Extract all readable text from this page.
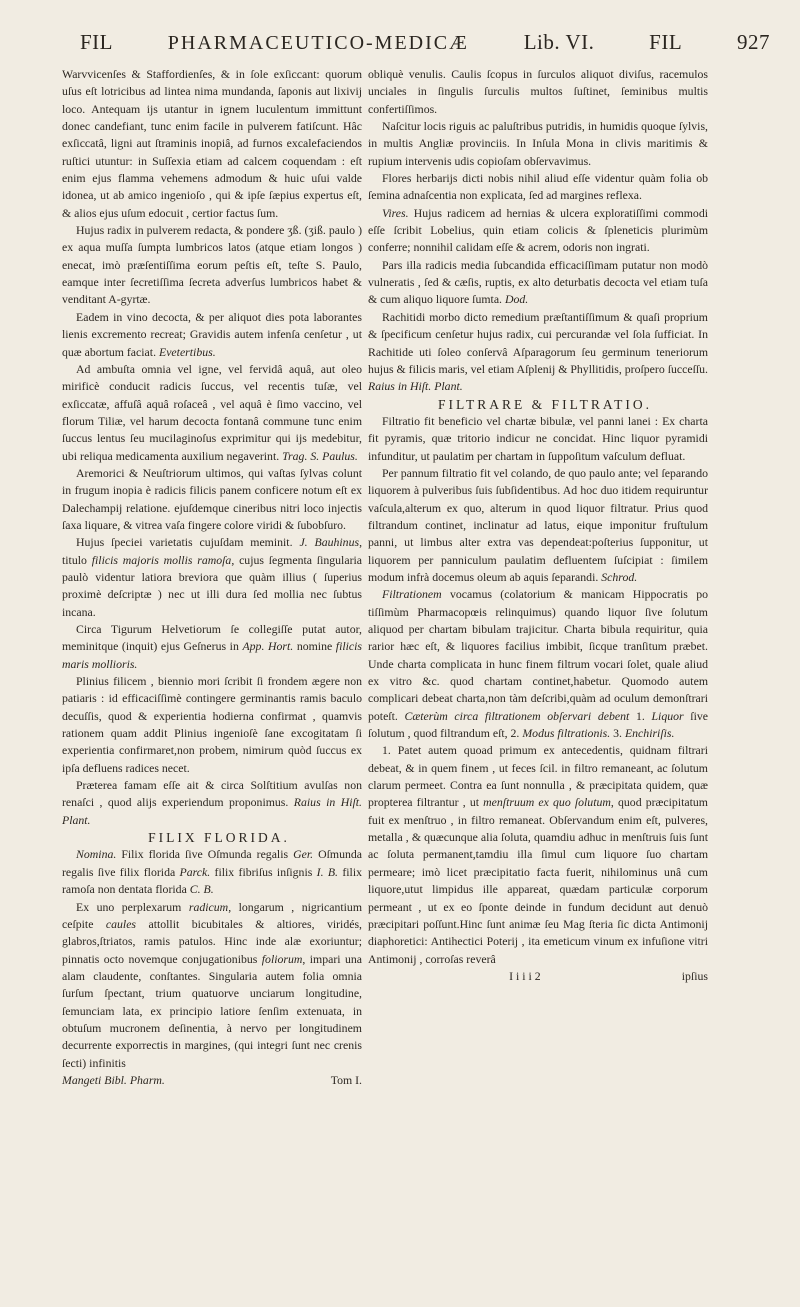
FIL	PHARMACEUTICO-MEDICÆ	Lib. VI.	FIL	927

Warvvicenſes & Staffordienſes, & in ſole exſiccant: quorum uſus eſt lotricibus ad lintea nima mundanda, ſaponis aut lixivij loco. Antequam ijs utantur in ignem luculentum immittunt donec candefiant, tunc enim facile in pulverem fatiſcunt. Hâc exſiccatâ, ligni aut ſtraminis inopiâ, ad furnos excalefaciendos ruſtici utuntur: in Suſſexia etiam ad calcem coquendam : eſt enim ejus flamma vehemens admodum & huic uſui valde idonea, ut ab amico ingenioſo , qui & ipſe ſæpius expertus eſt, & alios ejus uſum edocuit , certior factus ſum.

Hujus radix in pulverem redacta, & pondere ʒß. (ʒiß. paulo ) ex aqua muſſa ſumpta lumbricos latos (atque etiam longos ) enecat, imò præſentiſſima eorum peſtis eſt, teſte S. Paulo, eamque inter ſecretiſſima ſecreta adverſus lumbricos habet & venditant A-gyrtæ.

Eadem in vino decocta, & per aliquot dies pota laborantes lienis excremento recreat; Gravidis autem infenſa cenſetur , ut quæ abortum faciat. Evetertibus.

Ad ambuſta omnia vel igne, vel fervidâ aquâ, aut oleo mirificè conducit radicis ſuccus, vel recentis tuſæ, vel exſiccatæ, affuſâ aquâ roſaceâ , vel aquâ è ſimo vaccino, vel florum Tiliæ, vel harum decocta fontanâ commune tunc enim ſuccus lentus ſeu mucilaginoſus exprimitur qui ijs medebitur, ubi reliqua medicamenta auxilium negaverint. Trag. S. Paulus.

Aremorici & Neuſtriorum ultimos, qui vaſtas ſylvas colunt in frugum inopia è radicis filicis panem conficere notum eſt ex Dalechampij relatione. ejuſdemque cineribus nitri loco injectis ſaxa liquare, & vitrea vaſa fingere colore viridi & ſubobſuro.

Hujus ſpeciei varietatis cujuſdam meminit. J. Bauhinus, titulo filicis majoris mollis ramoſa, cujus ſegmenta ſingularia paulò videntur latiora breviora que quàm illius ( ſuperius proximè deſcriptæ ) nec ut illi dura ſed mollia nec ſubtus incana.

Circa Tigurum Helvetiorum ſe collegiſſe putat autor, meminitque (inquit) ejus Geſnerus in App. Hort. nomine filicis maris mollioris.

Plinius filicem , biennio mori ſcribit ſi frondem ægere non patiaris : id efficaciſſimè contingere germinantis ramis baculo decuſſis, quod & experientia hodierna confirmat , quamvis rationem quam addit Plinius ingenioſè ſane excogitatam ſi experientia confirmaret,non probem, nimirum quòd ſuccus ex ipſa defluens radices necet.

Præterea famam eſſe ait & circa Solſtitium avulſas non renaſci , quod alijs experiendum proponimus. Raius in Hiſt. Plant.

FILIX FLORIDA.

Nomina. Filix florida ſive Oſmunda regalis Ger. Oſmunda regalis ſive filix florida Parck. filix fibriſus inſignis I. B. filix ramoſa non dentata florida C. B.

Ex uno perplexarum radicum, longarum , nigricantium ceſpite caules attollit bicubitales & altiores, viridés, glabros,ſtriatos, ramis patulos. Hinc inde alæ exoriuntur; pinnatis octo novemque conjugationibus foliorum, impari una alam claudente, conſtantes. Singularia autem folia omnia ſurſum ſpectant, trium quatuorve unciarum longitudine, ſemunciam lata, ex principio latiore ſenſim extenuata, in obtuſum mucronem deſinentia, à nervo per longitudinem decurrente exporrectis in margines, (qui integri ſunt nec crenis ſecti) infinitis

Mangeti Bibl. Pharm.	Tom I.

obliquè venulis. Caulis ſcopus in ſurculos aliquot diviſus, racemulos unciales in ſingulis ſurculis multos ſuſtinet, ſeminibus multis confertiſſimos.

Naſcitur locis riguis ac paluſtribus putridis, in humidis quoque ſylvis, in multis Angliæ provinciis. In Inſula Mona in clivis maritimis & rupium intervenis udis copioſam obſervavimus.

Flores herbarijs dicti nobis nihil aliud eſſe videntur quàm folia ob ſemina adnaſcentia non explicata, ſed ad margines reflexa.

Vires. Hujus radicem ad hernias & ulcera exploratiſſimi commodi eſſe ſcribit Lobelius, quin etiam colicis & ſpleneticis plurimùm conferre; nonnihil calidam eſſe & acrem, odoris non ingrati.

Pars illa radicis media ſubcandida efficaciſſimam putatur non modò vulneratis , ſed & cæſis, ruptis, ex alto deturbatis decocta vel etiam tuſa & cum aliquo liquore ſumta. Dod.

Rachitidi morbo dicto remedium præſtantiſſimum & quaſi proprium & ſpecificum cenſetur hujus radix, cui percurandæ vel ſola ſufficiat. In Rachitide uti ſoleo conſervâ Aſparagorum ſeu germinum teneriorum hujus & filicis maris, vel etiam Aſplenij & Phyllitidis, proſpero ſucceſſu. Raius in Hiſt. Plant.

FILTRARE & FILTRATIO.

Filtratio fit beneficio vel chartæ bibulæ, vel panni lanei : Ex charta fit pyramis, quæ tritorio indicur ne concidat. Hinc liquor pyramidi infunditur, ut paulatim per chartam in ſuppoſitum vaſculum defluat.

Per pannum filtratio fit vel colando, de quo paulo ante; vel ſeparando liquorem à pulveribus ſuis ſubſidentibus. Ad hoc duo itidem requiruntur vaſcula,alterum ex quo, alterum in quod liquor filtratur. Prius quod filtrandum continet, inclinatur ad latus, eique imponitur fruſtulum panni, ut limbus alter extra vas dependeat:poſterius ſupponitur, ut liquorem per panniculum paulatim defluentem ſuſcipiat : ſimilem modum infrà docemus oleum ab aquis ſeparandi. Schrod.

Filtrationem vocamus (colatorium & manicam Hippocratis po tiſſimùm Pharmacopœis relinquimus) quando liquor ſive ſolutum aliquod per chartam bibulam trajicitur. Charta bibula requiritur, quia rarior hæc eſt, & liquores facilius imbibit, ſicque tranſitum præbet. Unde charta complicata in hunc finem filtrum vocari ſolet, quale aliud ex vitro &c. quod chartam continet,habetur. Quomodo autem complicari debeat charta,non tàm deſcribi,quàm ad oculum demonſtrari poteſt. Cæterùm circa filtrationem obſervari debent 1. Liquor ſive ſolutum , quod filtrandum eſt, 2. Modus filtrationis. 3. Enchiriſis.

1. Patet autem quoad primum ex antecedentis, quidnam filtrari debeat, & in quem finem , ut feces ſcil. in filtro remaneant, ac ſolutum clarum permeet. Contra ea ſunt nonnulla , & præcipitata quidem, quæ propterea filtrantur , ut menſtruum ex quo ſolutum, quod præcipitatum fuit ex menſtruo , in filtro remaneat. Obſervandum enim eſt, pulveres, metalla , & quæcunque alia ſoluta, quamdiu adhuc in menſtruis ſuis ſunt ac ſoluta permanent,tamdiu illa ſimul cum liquore ſuo chartam permeare; imò licet præcipitatio facta fuerit, nihilominus unâ cum liquore,utut limpidus ille appareat, quædam particulæ corporum permeant , ut ex eo ſponte deinde in fundum decidunt aut denuò præcipitari poſſunt.Hinc ſunt animæ ſeu Mag ſteria ſic dicta Antimonij diaphoretici: Antihectici Poterij , ita emeticum vinum ex infuſione vitri Antimonij , corroſas reverâ

I i i i 2	ipſius
